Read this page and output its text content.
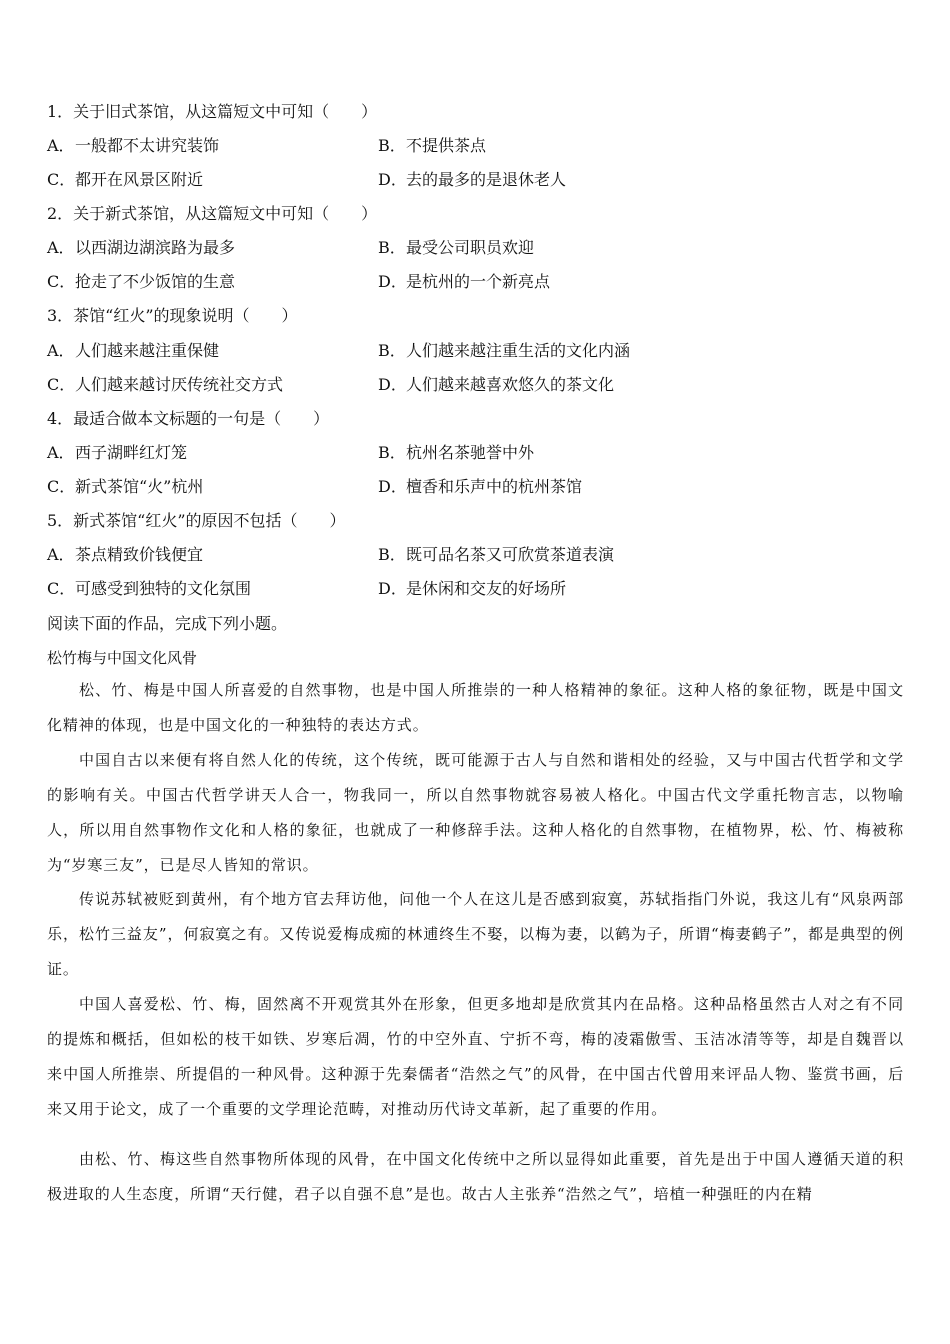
1．关于旧式茶馆，从这篇短文中可知（　　）
A．一般都不太讲究装饰	B．不提供茶点
C．都开在风景区附近	D．去的最多的是退休老人
2．关于新式茶馆，从这篇短文中可知（　　）
A．以西湖边湖滨路为最多	B．最受公司职员欢迎
C．抢走了不少饭馆的生意	D．是杭州的一个新亮点
3．茶馆“红火”的现象说明（　　）
A．人们越来越注重保健	B．人们越来越注重生活的文化内涵
C．人们越来越讨厌传统社交方式	D．人们越来越喜欢悠久的茶文化
4．最适合做本文标题的一句是（　　）
A．西子湖畔红灯笼	B．杭州名茶驰誉中外
C．新式茶馆“火”杭州	D．檀香和乐声中的杭州茶馆
5．新式茶馆“红火”的原因不包括（　　）
A．茶点精致价钱便宜	B．既可品名茶又可欣赏茶道表演
C．可感受到独特的文化氛围	D．是休闲和交友的好场所
阅读下面的作品，完成下列小题。
松竹梅与中国文化风骨

松、竹、梅是中国人所喜爱的自然事物，也是中国人所推崇的一种人格精神的象征。这种人格的象征物，既是中国文化精神的体现，也是中国文化的一种独特的表达方式。

中国自古以来便有将自然人化的传统，这个传统，既可能源于古人与自然和谐相处的经验，又与中国古代哲学和文学的影响有关。中国古代哲学讲天人合一，物我同一，所以自然事物就容易被人格化。中国古代文学重托物言志，以物喻人，所以用自然事物作文化和人格的象征，也就成了一种修辞手法。这种人格化的自然事物，在植物界，松、竹、梅被称为“岁寒三友”，已是尽人皆知的常识。

传说苏轼被贬到黄州，有个地方官去拜访他，问他一个人在这儿是否感到寂寞，苏轼指指门外说，我这儿有“风泉两部乐，松竹三益友”，何寂寞之有。又传说爱梅成痴的林逋终生不娶，以梅为妻，以鹤为子，所谓“梅妻鹤子”，都是典型的例证。

中国人喜爱松、竹、梅，固然离不开观赏其外在形象，但更多地却是欣赏其内在品格。这种品格虽然古人对之有不同的提炼和概括，但如松的枝干如铁、岁寒后凋，竹的中空外直、宁折不弯，梅的凌霜傲雪、玉洁冰清等等，却是自魏晋以来中国人所推崇、所提倡的一种风骨。这种源于先秦儒者“浩然之气”的风骨，在中国古代曾用来评品人物、鉴赏书画，后来又用于论文，成了一个重要的文学理论范畴，对推动历代诗文革新，起了重要的作用。

由松、竹、梅这些自然事物所体现的风骨，在中国文化传统中之所以显得如此重要，首先是出于中国人遵循天道的积极进取的人生态度，所谓“天行健，君子以自强不息”是也。故古人主张养“浩然之气”，培植一种强旺的内在精
